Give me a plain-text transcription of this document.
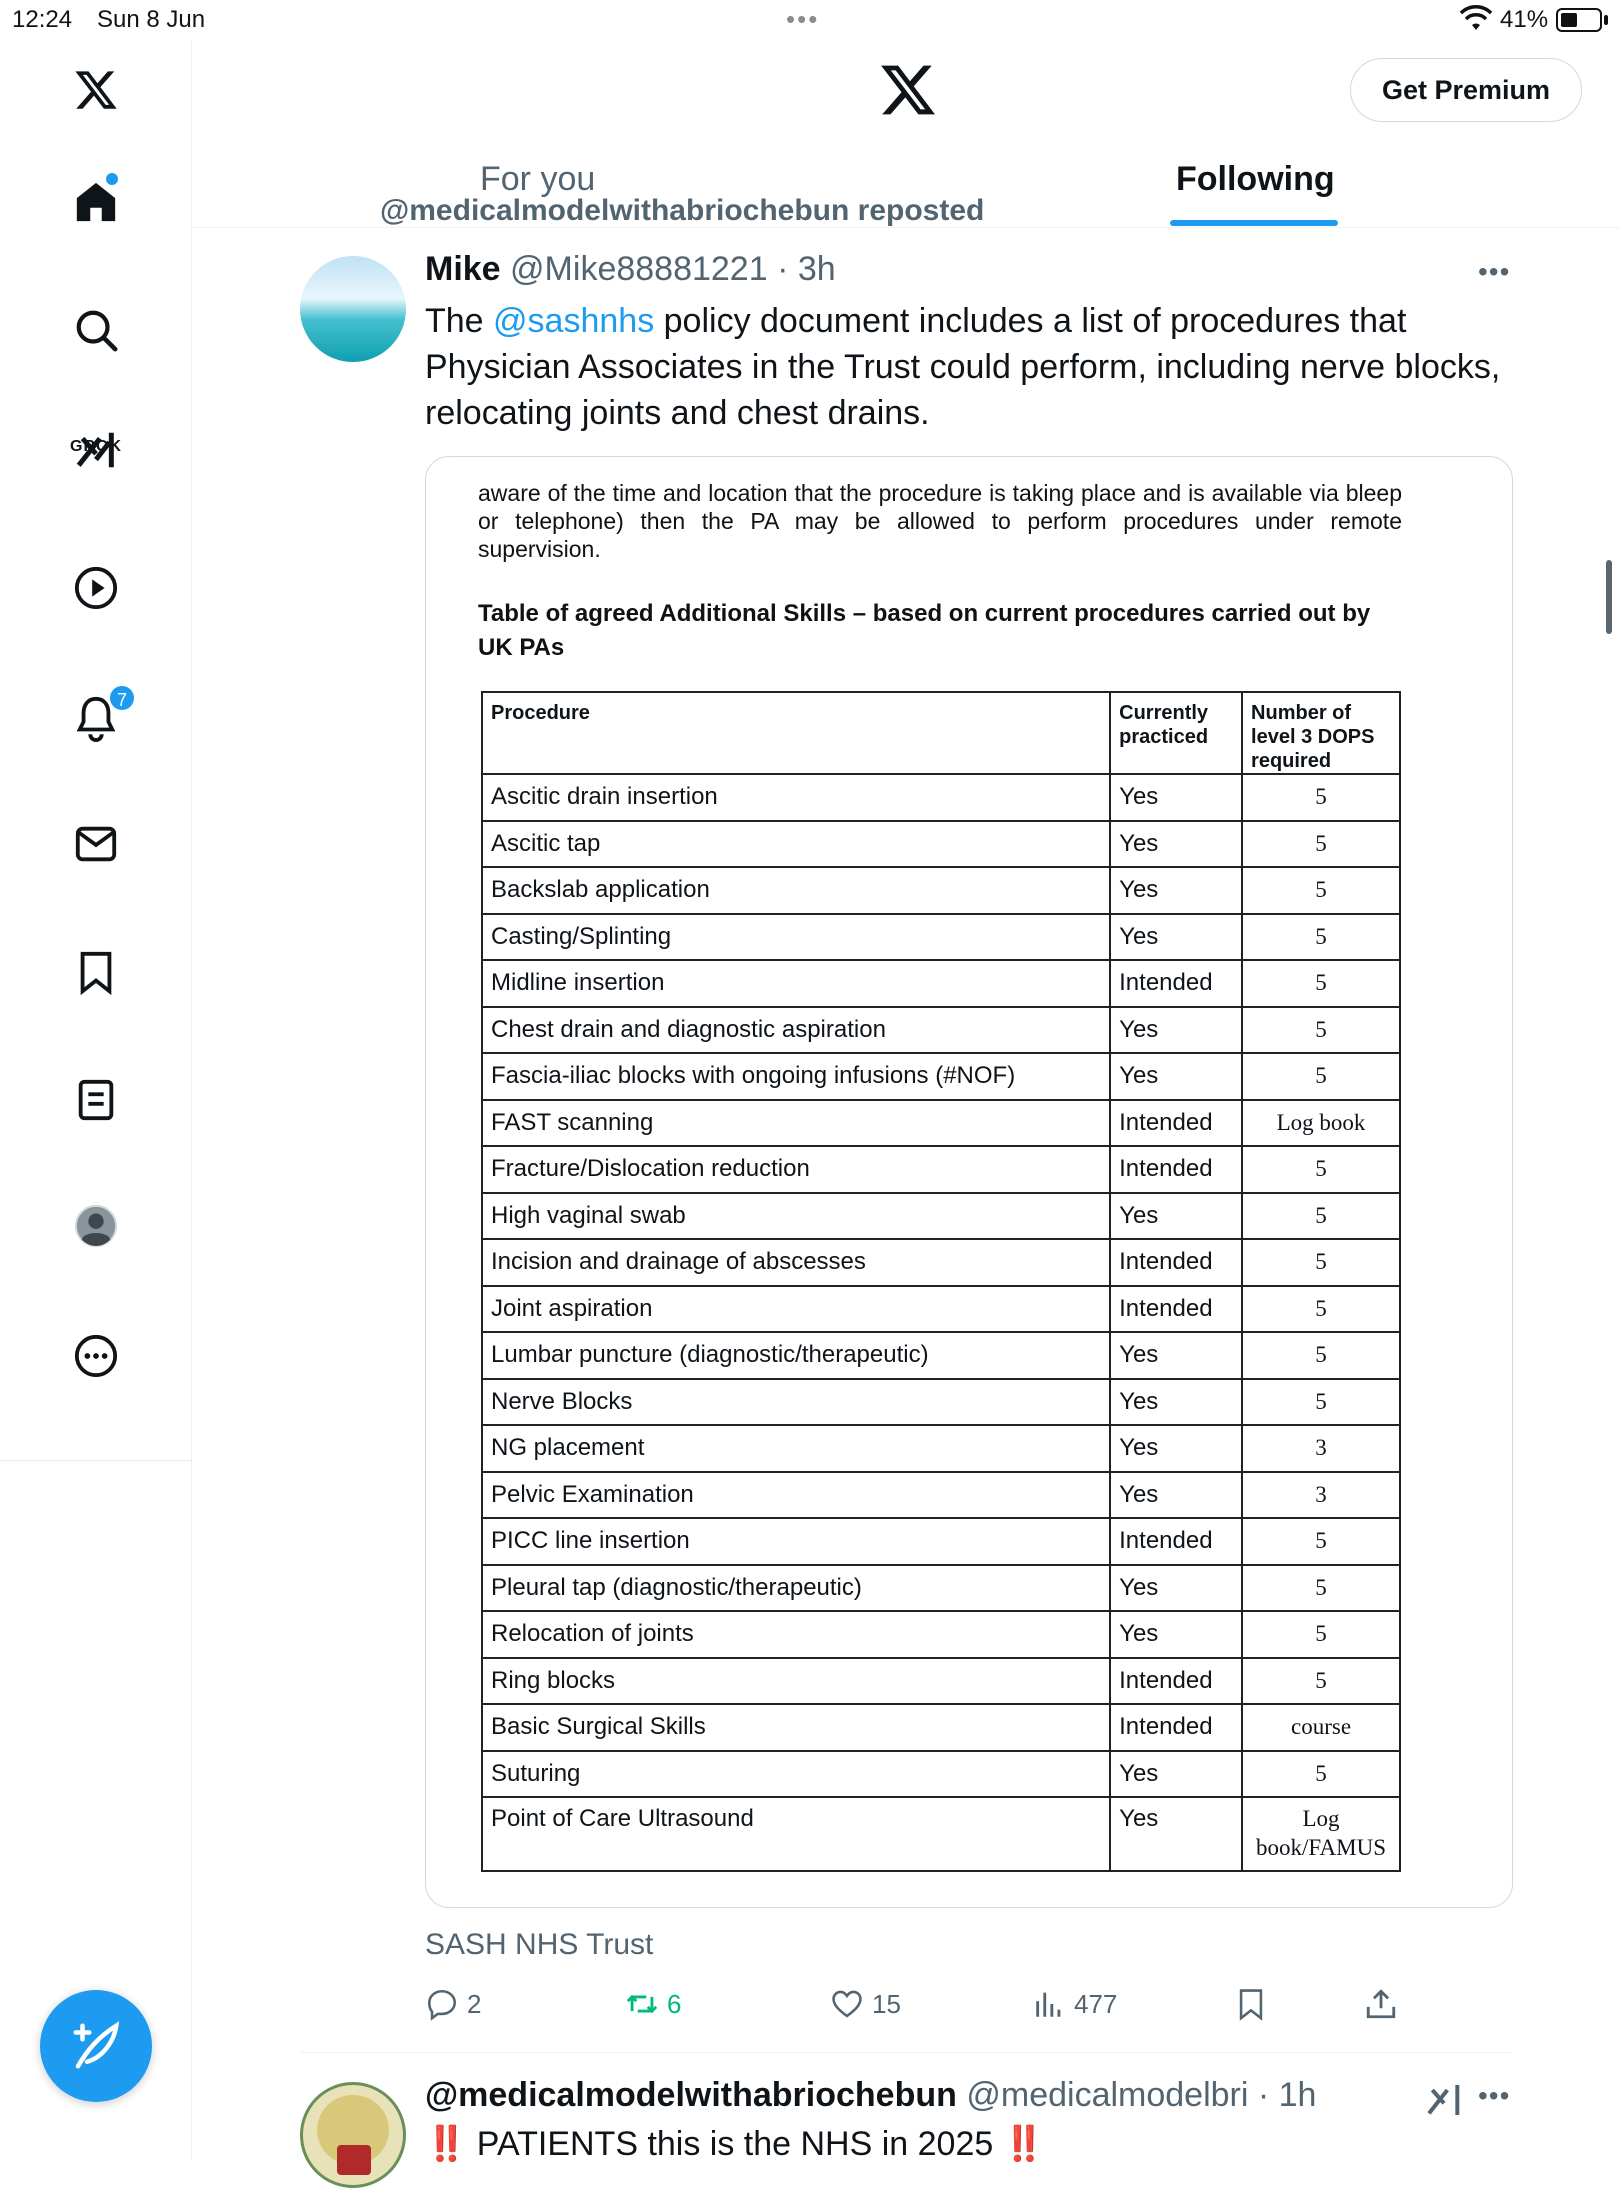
12:24 Sun 8 Jun	•••	41%
GROK
7
Get Premium
For you	Following
@medicalmodelwithabriochebun reposted
Mike @Mike88881221 · 3h	•••
The @sashnhs policy document includes a list of procedures that Physician Associates in the Trust could perform, including nerve blocks, relocating joints and chest drains.
aware of the time and location that the procedure is taking place and is available via bleep or telephone) then the PA may be allowed to perform procedures under remote supervision.
Table of agreed Additional Skills – based on current procedures carried out by UK PAs
Procedure	Currently practiced	Number of level 3 DOPS required
Ascitic drain insertion	Yes	5
Ascitic tap	Yes	5
Backslab application	Yes	5
Casting/Splinting	Yes	5
Midline insertion	Intended	5
Chest drain and diagnostic aspiration	Yes	5
Fascia-iliac blocks with ongoing infusions (#NOF)	Yes	5
FAST scanning	Intended	Log book
Fracture/Dislocation reduction	Intended	5
High vaginal swab	Yes	5
Incision and drainage of abscesses	Intended	5
Joint aspiration	Intended	5
Lumbar puncture (diagnostic/therapeutic)	Yes	5
Nerve Blocks	Yes	5
NG placement	Yes	3
Pelvic Examination	Yes	3
PICC line insertion	Intended	5
Pleural tap (diagnostic/therapeutic)	Yes	5
Relocation of joints	Yes	5
Ring blocks	Intended	5
Basic Surgical Skills	Intended	course
Suturing	Yes	5
Point of Care Ultrasound	Yes	Log book/FAMUS
SASH NHS Trust
2	6	15	477
@medicalmodelwithabriochebun @medicalmodelbri · 1h	•••
‼️ PATIENTS this is the NHS in 2025 ‼️
